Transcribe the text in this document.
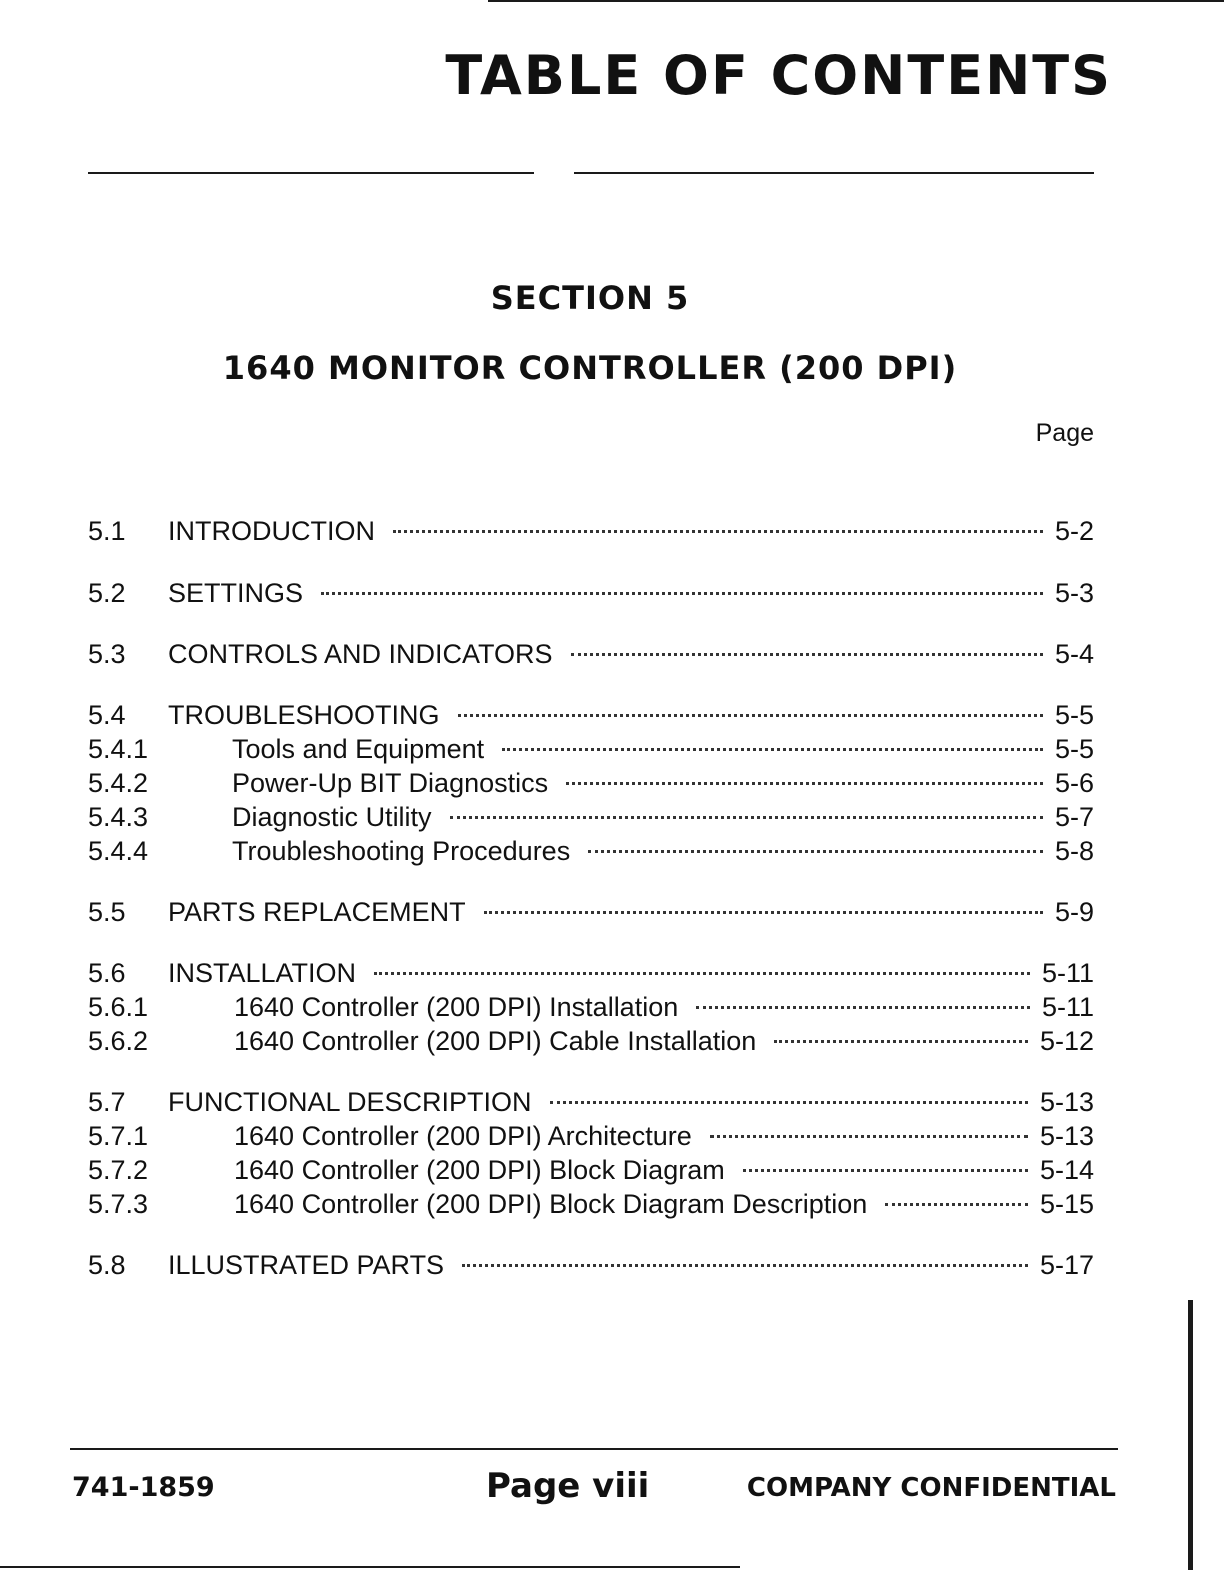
TABLE OF CONTENTS
SECTION 5
1640 MONITOR CONTROLLER (200 DPI)
Page
5.1	INTRODUCTION	5-2
5.2	SETTINGS	5-3
5.3	CONTROLS AND INDICATORS	5-4
5.4	TROUBLESHOOTING	5-5
5.4.1	Tools and Equipment	5-5
5.4.2	Power-Up BIT Diagnostics	5-6
5.4.3	Diagnostic Utility	5-7
5.4.4	Troubleshooting Procedures	5-8
5.5	PARTS REPLACEMENT	5-9
5.6	INSTALLATION	5-11
5.6.1	1640 Controller (200 DPI) Installation	5-11
5.6.2	1640 Controller (200 DPI) Cable Installation	5-12
5.7	FUNCTIONAL DESCRIPTION	5-13
5.7.1	1640 Controller (200 DPI) Architecture	5-13
5.7.2	1640 Controller (200 DPI) Block Diagram	5-14
5.7.3	1640 Controller (200 DPI) Block Diagram Description	5-15
5.8	ILLUSTRATED PARTS	5-17
741-1859	Page viii	COMPANY CONFIDENTIAL
